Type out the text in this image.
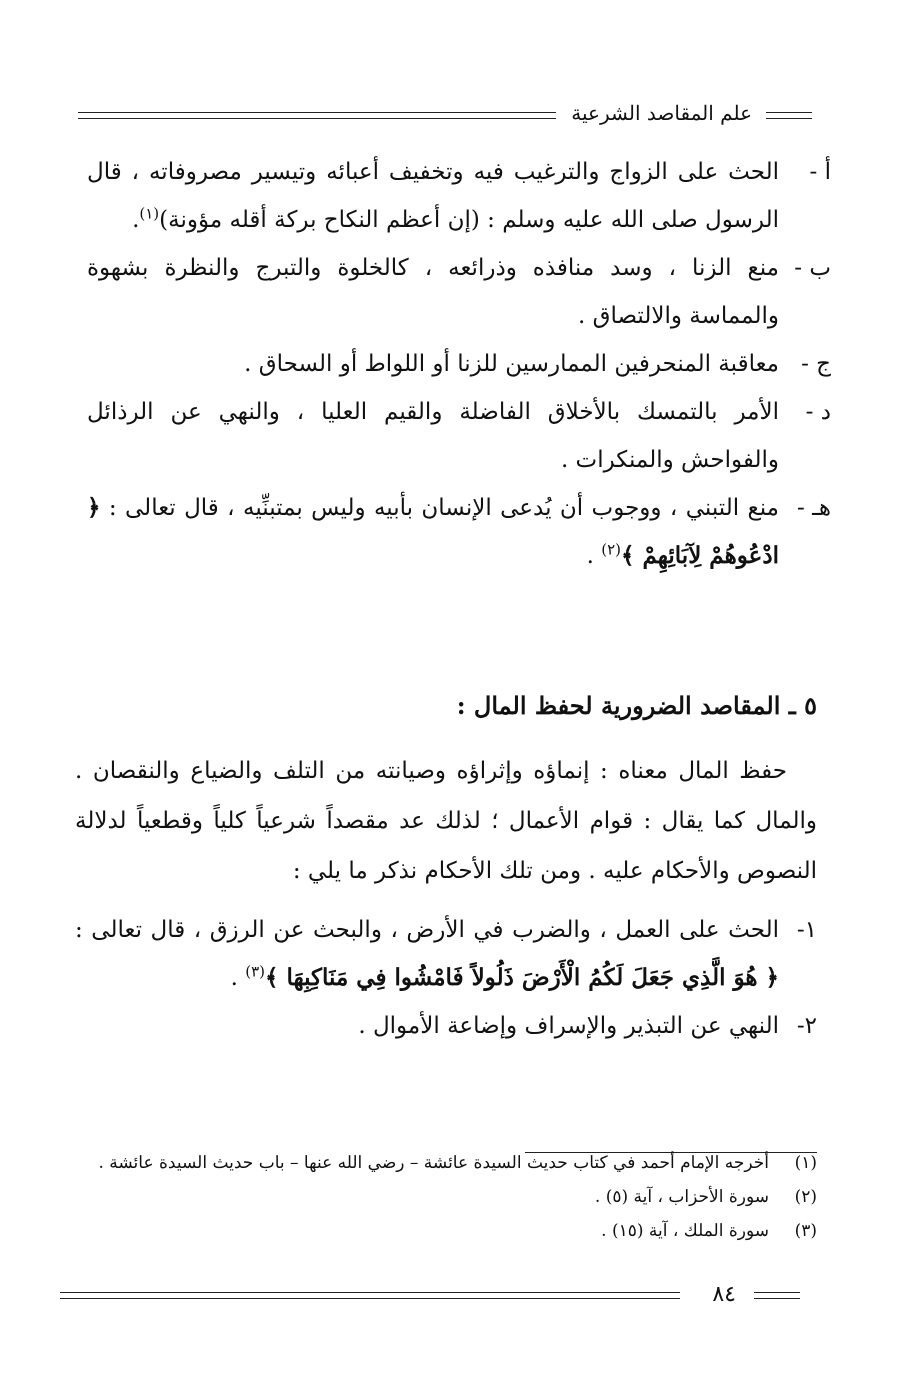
علم المقاصد الشرعية

أ -
الحث على الزواج والترغيب فيه وتخفيف أعبائه وتيسير مصروفاته ، قال الرسول صلى الله عليه وسلم : (إن أعظم النكاح بركة أقله مؤونة)$^{(١)}$.

ب -
منع الزنا ، وسد منافذه وذرائعه ، كالخلوة والتبرج والنظرة بشهوة والمماسة والالتصاق .

ج -
معاقبة المنحرفين الممارسين للزنا أو اللواط أو السحاق .

د -
الأمر بالتمسك بالأخلاق الفاضلة والقيم العليا ، والنهي عن الرذائل والفواحش والمنكرات .

هـ -
منع التبني ، ووجوب أن يُدعى الإنسان بأبيه وليس بمتبنِّيه ، قال تعالى : ﴿ ادْعُوهُمْ لِآبَائِهِمْ ﴾$^{(٢)}$ .

٥ ـ المقاصد الضرورية لحفظ المال :

حفظ المال معناه : إنماؤه وإثراؤه وصيانته من التلف والضياع والنقصان . والمال كما يقال : قوام الأعمال ؛ لذلك عد مقصداً شرعياً كلياً وقطعياً لدلالة النصوص والأحكام عليه . ومن تلك الأحكام نذكر ما يلي :

١-
الحث على العمل ، والضرب في الأرض ، والبحث عن الرزق ، قال تعالى : ﴿ هُوَ الَّذِي جَعَلَ لَكُمُ الْأَرْضَ ذَلُولاً فَامْشُوا فِي مَنَاكِبِهَا ﴾$^{(٣)}$ .

٢-
النهي عن التبذير والإسراف وإضاعة الأموال .

(١)
أخرجه الإمام أحمد في كتاب حديث السيدة عائشة – رضي الله عنها – باب حديث السيدة عائشة .

(٢)
سورة الأحزاب ، آية (٥) .

(٣)
سورة الملك ، آية (١٥) .

٨٤
